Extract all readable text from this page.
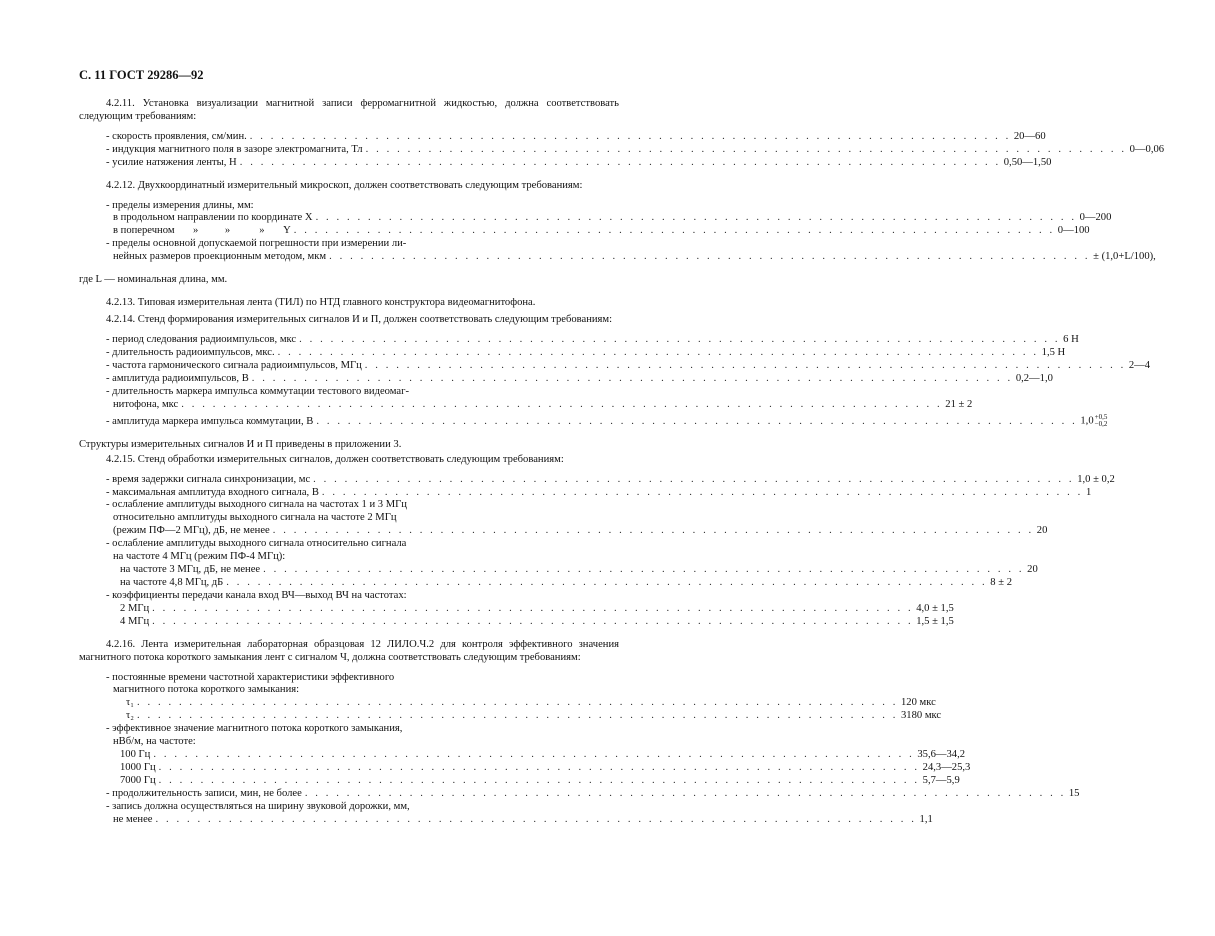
С. 11 ГОСТ 29286—92

4.2.11. Установка визуализации магнитной записи ферромагнитной жидкостью, должна соответствовать следующим требованиям:

- скорость проявления, см/мин. . . . . . . . . . . . . . . . . . . . . . . . . . . . . . . . . . . . . . . . . . . . . . . . . . . . . . . . . . . . . . . . . . . . . . . . . . 20—60
- индукция магнитного поля в зазоре электромагнита, Тл . . . . . . . . . . . . . . . . . . . . . . . . . . . . . . . . . . . . . . . . . . . . . . . . . . . . . . . . . . . . . . . . . . . . . . . . . 0—0,06
- усилие натяжения ленты, Н . . . . . . . . . . . . . . . . . . . . . . . . . . . . . . . . . . . . . . . . . . . . . . . . . . . . . . . . . . . . . . . . . . . . . . . . . 0,50—1,50

4.2.12. Двухкоординатный измерительный микроскоп, должен соответствовать следующим требованиям:

- пределы измерения длины, мм:
в продольном направлении по координате X . . . . . . . . . . . . . . . . . . . . . . . . . . . . . . . . . . . . . . . . . . . . . . . . . . . . . . . . . . . . . . . . . . . . . . . . . 0—200
в поперечном       »          »           »       Y . . . . . . . . . . . . . . . . . . . . . . . . . . . . . . . . . . . . . . . . . . . . . . . . . . . . . . . . . . . . . . . . . . . . . . . . . 0—100
- пределы основной допускаемой погрешности при измерении ли-
нейных размеров проекционным методом, мкм . . . . . . . . . . . . . . . . . . . . . . . . . . . . . . . . . . . . . . . . . . . . . . . . . . . . . . . . . . . . . . . . . . . . . . . . . ± (1,0+L/100),
где L — номинальная длина, мм.

4.2.13. Типовая измерительная лента (ТИЛ) по НТД главного конструктора видеомагнитофона.

4.2.14. Стенд формирования измерительных сигналов И и П, должен соответствовать следующим требованиям:

- период следования радиоимпульсов, мкс . . . . . . . . . . . . . . . . . . . . . . . . . . . . . . . . . . . . . . . . . . . . . . . . . . . . . . . . . . . . . . . . . . . . . . . . . 6 H
- длительность радиоимпульсов, мкс. . . . . . . . . . . . . . . . . . . . . . . . . . . . . . . . . . . . . . . . . . . . . . . . . . . . . . . . . . . . . . . . . . . . . . . . . . 1,5 H
- частота гармонического сигнала радиоимпульсов, МГц . . . . . . . . . . . . . . . . . . . . . . . . . . . . . . . . . . . . . . . . . . . . . . . . . . . . . . . . . . . . . . . . . . . . . . . . . 2—4
- амплитуда радиоимпульсов, В . . . . . . . . . . . . . . . . . . . . . . . . . . . . . . . . . . . . . . . . . . . . . . . . . . . . . . . . . . . . . . . . . . . . . . . . . 0,2—1,0
- длительность маркера импульса коммутации тестового видеомаг-
нитофона, мкс . . . . . . . . . . . . . . . . . . . . . . . . . . . . . . . . . . . . . . . . . . . . . . . . . . . . . . . . . . . . . . . . . . . . . . . . . 21 ± 2
- амплитуда маркера импульса коммутации, В . . . . . . . . . . . . . . . . . . . . . . . . . . . . . . . . . . . . . . . . . . . . . . . . . . . . . . . . . . . . . . . . . . . . . . . . . 1,0 +0,5
−0,2
Структуры измерительных сигналов И и П приведены в приложении 3.

4.2.15. Стенд обработки измерительных сигналов, должен соответствовать следующим требованиям:

- время задержки сигнала синхронизации, мс . . . . . . . . . . . . . . . . . . . . . . . . . . . . . . . . . . . . . . . . . . . . . . . . . . . . . . . . . . . . . . . . . . . . . . . . . 1,0 ± 0,2
- максимальная амплитуда входного сигнала, В . . . . . . . . . . . . . . . . . . . . . . . . . . . . . . . . . . . . . . . . . . . . . . . . . . . . . . . . . . . . . . . . . . . . . . . . . 1
- ослабление амплитуды выходного сигнала на частотах 1 и 3 МГц
относительно амплитуды выходного сигнала на частоте 2 МГц
(режим ПФ—2 МГц), дБ, не менее . . . . . . . . . . . . . . . . . . . . . . . . . . . . . . . . . . . . . . . . . . . . . . . . . . . . . . . . . . . . . . . . . . . . . . . . . 20
- ослабление амплитуды выходного сигнала относительно сигнала
на частоте 4 МГц (режим ПФ-4 МГц):
на частоте 3 МГц, дБ, не менее . . . . . . . . . . . . . . . . . . . . . . . . . . . . . . . . . . . . . . . . . . . . . . . . . . . . . . . . . . . . . . . . . . . . . . . . . 20
на частоте 4,8 МГц, дБ . . . . . . . . . . . . . . . . . . . . . . . . . . . . . . . . . . . . . . . . . . . . . . . . . . . . . . . . . . . . . . . . . . . . . . . . . 8 ± 2
- коэффициенты передачи канала вход ВЧ—выход ВЧ на частотах:
2 МГц . . . . . . . . . . . . . . . . . . . . . . . . . . . . . . . . . . . . . . . . . . . . . . . . . . . . . . . . . . . . . . . . . . . . . . . . . 4,0 ± 1,5
4 МГц . . . . . . . . . . . . . . . . . . . . . . . . . . . . . . . . . . . . . . . . . . . . . . . . . . . . . . . . . . . . . . . . . . . . . . . . . 1,5 ± 1,5

4.2.16. Лента измерительная лабораторная образцовая 12 ЛИЛО.Ч.2 для контроля эффективного значения магнитного потока короткого замыкания лент с сигналом Ч, должна соответствовать следующим требованиям:

- постоянные времени частотной характеристики эффективного
магнитного потока короткого замыкания:
τ₁ . . . . . . . . . . . . . . . . . . . . . . . . . . . . . . . . . . . . . . . . . . . . . . . . . . . . . . . . . . . . . . . . . . . . . . . . . 120 мкс
τ₂ . . . . . . . . . . . . . . . . . . . . . . . . . . . . . . . . . . . . . . . . . . . . . . . . . . . . . . . . . . . . . . . . . . . . . . . . . 3180 мкс
- эффективное значение магнитного потока короткого замыкания,
нВб/м, на частоте:
100 Гц . . . . . . . . . . . . . . . . . . . . . . . . . . . . . . . . . . . . . . . . . . . . . . . . . . . . . . . . . . . . . . . . . . . . . . . . . 35,6—34,2
1000 Гц . . . . . . . . . . . . . . . . . . . . . . . . . . . . . . . . . . . . . . . . . . . . . . . . . . . . . . . . . . . . . . . . . . . . . . . . . 24,3—25,3
7000 Гц . . . . . . . . . . . . . . . . . . . . . . . . . . . . . . . . . . . . . . . . . . . . . . . . . . . . . . . . . . . . . . . . . . . . . . . . . 5,7—5,9
- продолжительность записи, мин, не более . . . . . . . . . . . . . . . . . . . . . . . . . . . . . . . . . . . . . . . . . . . . . . . . . . . . . . . . . . . . . . . . . . . . . . . . . 15
- запись должна осуществляться на ширину звуковой дорожки, мм,
не менее . . . . . . . . . . . . . . . . . . . . . . . . . . . . . . . . . . . . . . . . . . . . . . . . . . . . . . . . . . . . . . . . . . . . . . . . . 1,1
